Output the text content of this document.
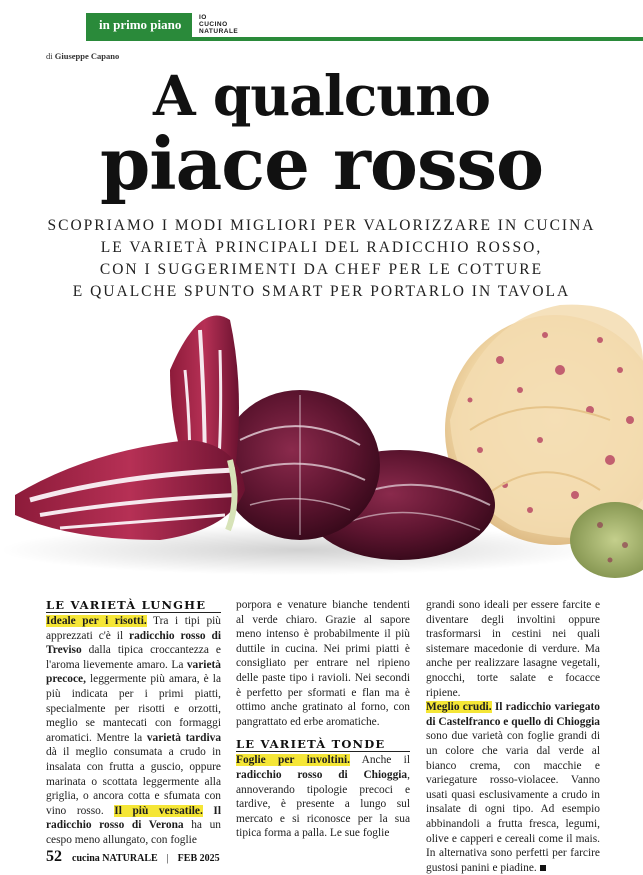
in primo piano	IO
CUCINO
NATURALE
di Giuseppe Capano
A qualcuno
piace rosso
SCOPRIAMO I MODI MIGLIORI PER VALORIZZARE IN CUCINA
LE VARIETÀ PRINCIPALI DEL RADICCHIO ROSSO,
CON I SUGGERIMENTI DA CHEF PER LE COTTURE
E QUALCHE SPUNTO SMART PER PORTARLO IN TAVOLA
LE VARIETÀ LUNGHE

Ideale per i risotti. Tra i tipi più apprezzati c'è il radicchio rosso di Treviso dalla tipica croccantezza e l'aroma lievemente amaro. La varietà precoce, leggermente più amara, è la più indicata per i primi piatti, specialmente per risotti e orzotti, meglio se mantecati con formaggi aromatici. Mentre la varietà tardiva dà il meglio consumata a crudo in insalata con frutta a guscio, oppure marinata o scottata leggermente alla griglia, o ancora cotta e sfumata con vino rosso. Il più versatile. Il radicchio rosso di Verona ha un cespo meno allungato, con foglie

porpora e venature bianche tendenti al verde chiaro. Grazie al sapore meno intenso è probabilmente il più duttile in cucina. Nei primi piatti è consigliato per entrare nel ripieno delle paste tipo i ravioli. Nei secondi è perfetto per sformati e flan ma è ottimo anche gratinato al forno, con pangrattato ed erbe aromatiche.

LE VARIETÀ TONDE

Foglie per involtini. Anche il radicchio rosso di Chioggia, annoverando tipologie precoci e tardive, è presente a lungo sul mercato e si riconosce per la sua tipica forma a palla. Le sue foglie

grandi sono ideali per essere farcite e diventare degli involtini oppure trasformarsi in cestini nei quali sistemare macedonie di verdure. Ma anche per realizzare lasagne vegetali, gnocchi, torte salate e focacce ripiene.

Meglio crudi. Il radicchio variegato di Castelfranco e quello di Chioggia sono due varietà con foglie grandi di un colore che varia dal verde al bianco crema, con macchie e variegature rosso-violacee. Vanno usati quasi esclusivamente a crudo in insalate di ogni tipo. Ad esempio abbinandoli a frutta fresca, legumi, olive e capperi e cereali come il mais. In alternativa sono perfetti per farcire gustosi panini e piadine.

52 cucina NATURALE | FEB 2025
